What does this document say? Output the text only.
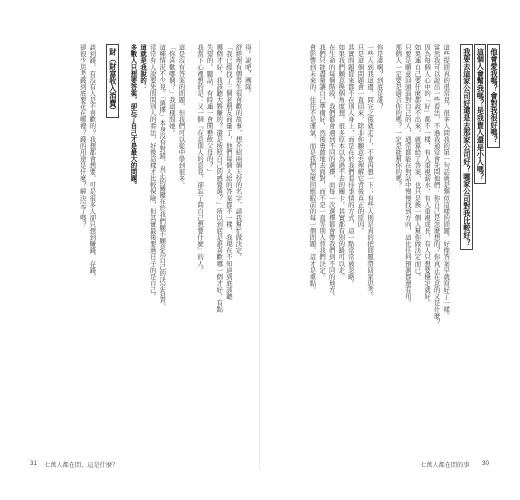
得。說吧，團隊。
舒經理有個男生很喜歡的故事，想介紹兩個天份的名字，請我幫忙做決定。
「我已經找了三個老朋友商量了，他們每個人給的答案都不一樣，我現在不知道到底該聽
哪個才好，我該聽大夥賺的？還是按照自己的感覺選？」所以到底是誰喜歡哪一個才好，有點
失望的。聽話，有時連一會開藝飲父母的？」
我當下心裡想的是：又一個『在意別人的意見，卻忘了問自己想要什麼』的人。
這是沒有答案的問題，但我們可以從中學到很多。
「你喜歡哪個？」我這樣問她。
這種情況不少見。「選擇」本身沒有對錯，真正的關鍵在於我們願不願意為自己的決定負責。
常常有人說要先問問別人的看法，好像這樣才比較保險，但其實最後要過日子的是自己。
這就是我說的：
多數人只想要答案，卻忘了自己才是最大的問題。
財（財富收入消費）
談到錢，有沒有人是不喜歡的？我想都會想要，可是很多人卻只想到賺錢、存錢，
卻很少思考錢到底要花在哪裡？錢的用途是什麼？解決完了嗎？	他會愛我嗎？會對我很好嗎？
這個人會幫我嗎？是我貴人還是小人嗎？
我要去這家公司好還是去那家公司好？哪家公司對我比較好？
這些提問真的很常見，很多人問我的第一句話就是類似這樣的問題，好像答案早就寫好了一樣。
當然我可以說出一些看法，不過我通常會先問他們：你自己是怎麼想的？你真正在意的又是什麼？
因為每個人心中的「好」都不一樣，有人重視薪水，有人重視成長，有人只想要穩定就好。
如果連自己要什麼都說不出來，就算給了答案，也只是換一個人幫你做決定而已。
只要是願意回頭面對自己的人，通常都能在對話中慢慢找到方向，這比任何預測都還有用。
那個人一定要是適合你的嗎？一定是能幫你的嗎？
你是誰啊？到底是誰？
一些人到我這邊，問完之後就走了，不會再想一下；有些人則是真的把問題帶回家思考。
只是這個問題會一直回來，除非你願意去理解它背後真正的原因。
其實問題從來都不在別人身上，而是在於我們看待事情的方式，這一點常常被忽略。
如果我們願意換個角度想，很多原本以為過不去的關卡，其實都有別的路可以走。
在生命的每個階段，我們都會遇到不同的選擇，而每一次選擇都會帶我們到不同的地方。
我們只能盡量讓自己準備好，然後勇敢地去面對，而不是一直等別人替我們決定。
會影響到未來的，往往不是運氣，而是我們怎麼回應眼前的每一個問題，這才是重點。
31 七萬人都在問，這是什麼？	七萬人都在問的事 30
